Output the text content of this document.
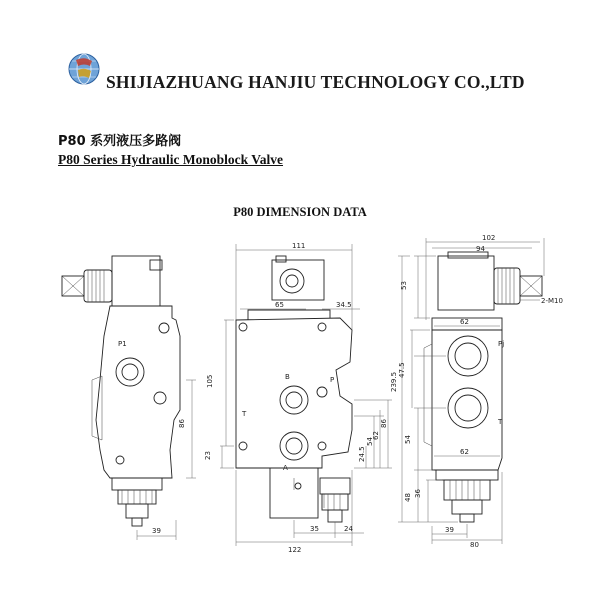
SHIJIAZHUANG HANJIU TECHNOLOGY CO.,LTD
P80 系列液压多路阀
P80 Series Hydraulic Monoblock Valve
P80 DIMENSION DATA
P1
86
39
B	P
T
A
111
65	34.5
105
23	24.5
54
62
86
122
35	24
Pj
T
102
94
53
2-M10
62
239.5
47.5
54
62
48 36
39
80
